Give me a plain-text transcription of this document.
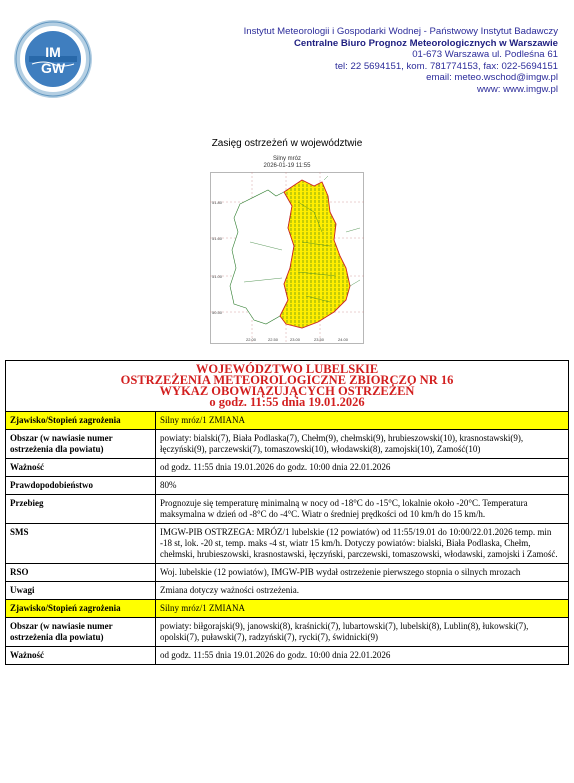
IM
GW
Instytut Meteorologii i Gospodarki Wodnej - Państwowy Instytut Badawczy
Centralne Biuro Prognoz Meteorologicznych w Warszawie
01-673 Warszawa ul. Podleśna 61
tel: 22 5694151, kom. 781774153, fax: 022-5694151
email: meteo.wschod@imgw.pl
www: www.imgw.pl
Zasięg ostrzeżeń w województwie
Silny mróz
2026-01-19 11:55
51.80
51.60
51.00
50.50
22.00	22.50	23.00	23.50	24.00
WOJEWÓDZTWO LUBELSKIE
OSTRZEŻENIA METEOROLOGICZNE ZBIORCZO NR 16
WYKAZ OBOWIĄZUJĄCYCH OSTRZEŻEŃ
o godz. 11:55 dnia 19.01.2026	

Zjawisko/Stopień zagrożenia	Silny mróz/1 ZMIANA
Obszar (w nawiasie numer ostrzeżenia dla powiatu)	powiaty: bialski(7), Biała Podlaska(7), Chełm(9), chełmski(9), hrubieszowski(10), krasnostawski(9), łęczyński(9), parczewski(7), tomaszowski(10), włodawski(8), zamojski(10), Zamość(10)
Ważność	od godz. 11:55 dnia 19.01.2026 do godz. 10:00 dnia 22.01.2026
Prawdopodobieństwo	80%
Przebieg	Prognozuje się temperaturę minimalną w nocy od -18°C do -15°C, lokalnie około -20°C. Temperatura maksymalna w dzień od -8°C do -4°C. Wiatr o średniej prędkości od 10 km/h do 15 km/h.
SMS	IMGW-PIB OSTRZEGA: MRÓZ/1 lubelskie (12 powiatów) od 11:55/19.01 do 10:00/22.01.2026 temp. min -18 st, lok. -20 st, temp. maks -4 st, wiatr 15 km/h. Dotyczy powiatów: bialski, Biała Podlaska, Chełm, chełmski, hrubieszowski, krasnostawski, łęczyński, parczewski, tomaszowski, włodawski, zamojski i Zamość.
RSO	Woj. lubelskie (12 powiatów), IMGW-PIB wydał ostrzeżenie pierwszego stopnia o silnych mrozach
Uwagi	Zmiana dotyczy ważności ostrzeżenia.
Zjawisko/Stopień zagrożenia	Silny mróz/1 ZMIANA
Obszar (w nawiasie numer ostrzeżenia dla powiatu)	powiaty: biłgorajski(9), janowski(8), kraśnicki(7), lubartowski(7), lubelski(8), Lublin(8), łukowski(7), opolski(7), puławski(7), radzyński(7), rycki(7), świdnicki(9)
Ważność	od godz. 11:55 dnia 19.01.2026 do godz. 10:00 dnia 22.01.2026
